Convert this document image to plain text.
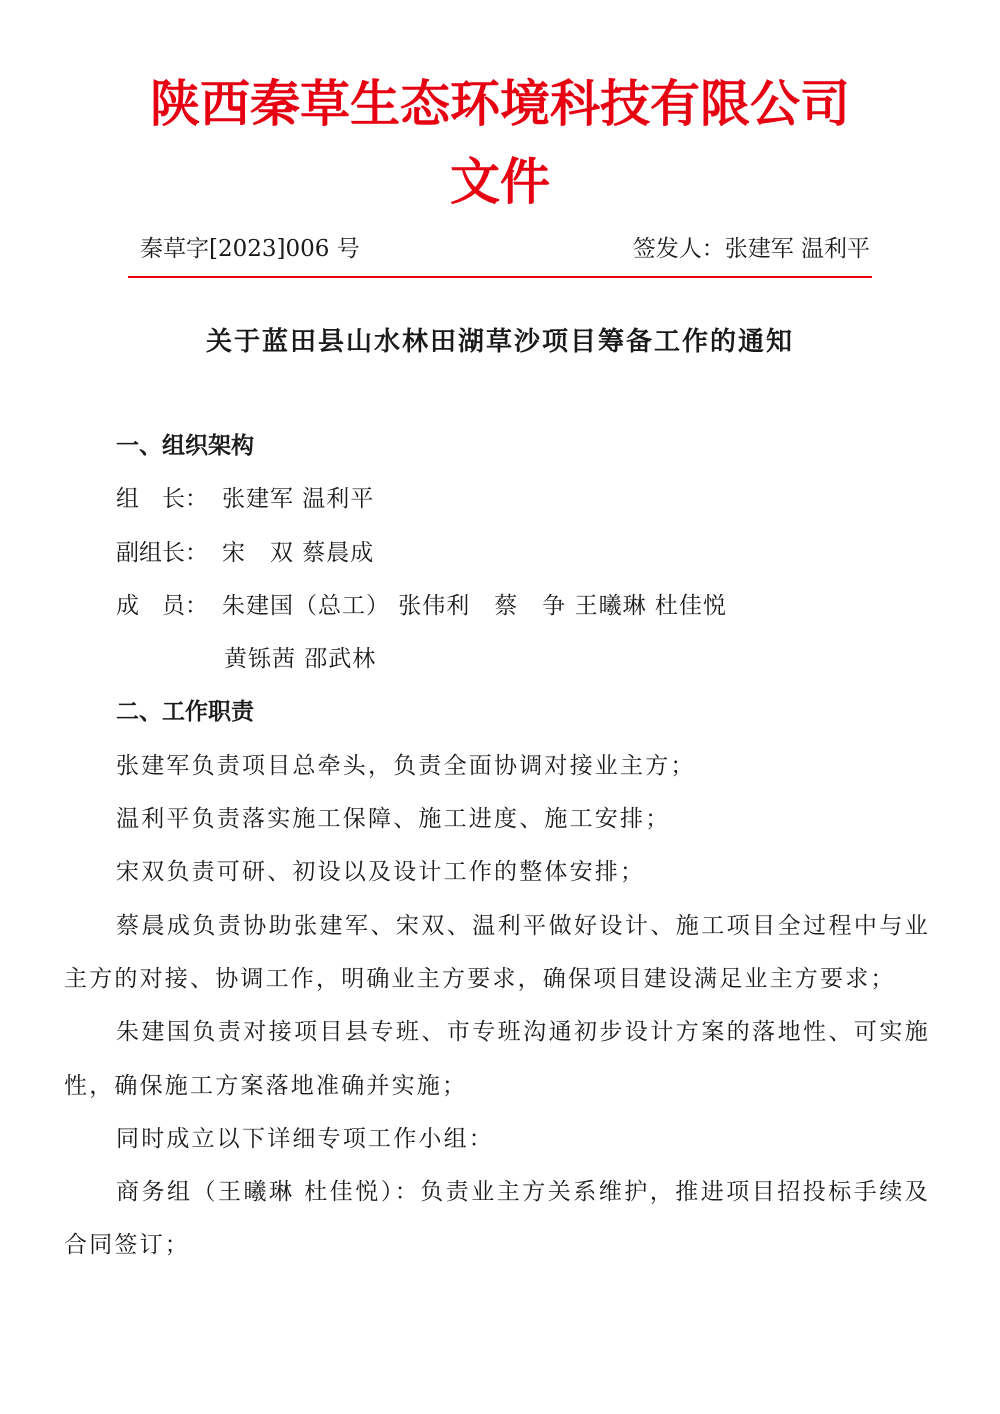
陕西秦草生态环境科技有限公司
文件
秦草字[2023]006 号	签发人：张建军 温利平
关于蓝田县山水林田湖草沙项目筹备工作的通知
一、组织架构
组　长： 张建军 温利平
副组长： 宋　双 蔡晨成
成　员： 朱建国（总工） 张伟利　蔡　争 王曦琳 杜佳悦
黄铄茜 邵武林
二、工作职责
张建军负责项目总牵头，负责全面协调对接业主方；
温利平负责落实施工保障、施工进度、施工安排；
宋双负责可研、初设以及设计工作的整体安排；
蔡晨成负责协助张建军、宋双、温利平做好设计、施工项目全过程中与业主方的对接、协调工作，明确业主方要求，确保项目建设满足业主方要求；
朱建国负责对接项目县专班、市专班沟通初步设计方案的落地性、可实施性，确保施工方案落地准确并实施；
同时成立以下详细专项工作小组：
商务组（王曦琳 杜佳悦）：负责业主方关系维护，推进项目招投标手续及合同签订；
